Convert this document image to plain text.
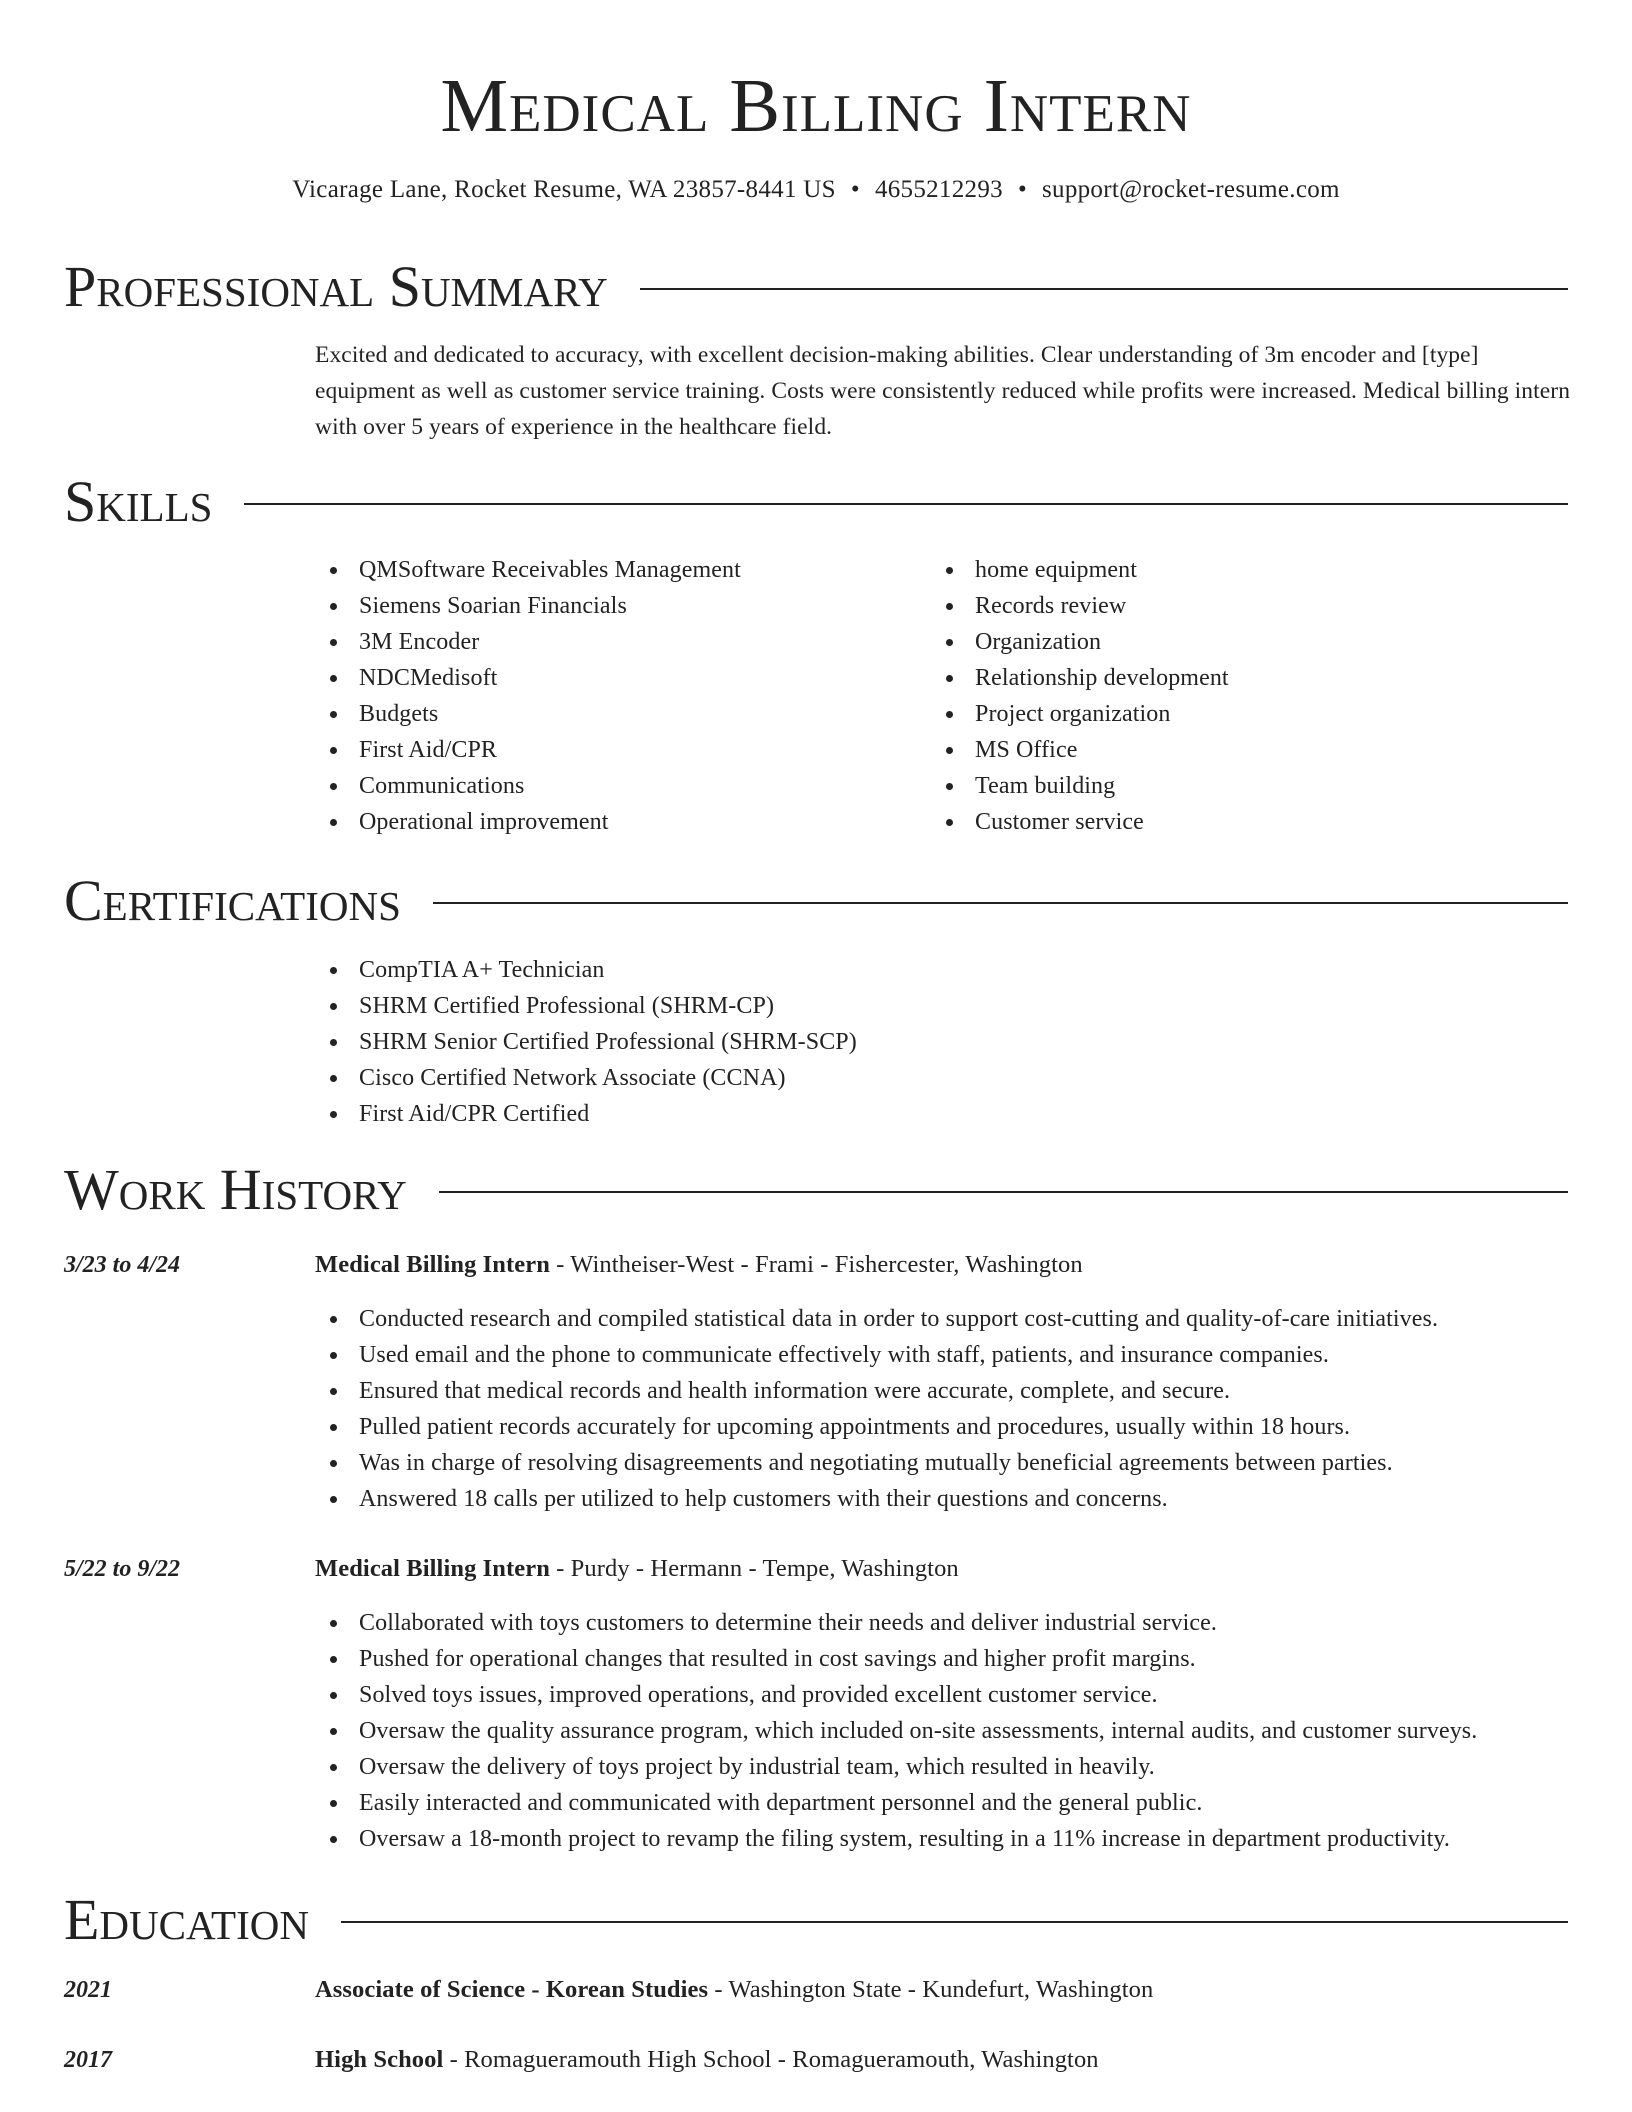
Medical Billing Intern
Vicarage Lane, Rocket Resume, WA 23857-8441 US • 4655212293 • support@rocket-resume.com
Professional Summary
Excited and dedicated to accuracy, with excellent decision-making abilities. Clear understanding of 3m encoder and [type] equipment as well as customer service training. Costs were consistently reduced while profits were increased. Medical billing intern with over 5 years of experience in the healthcare field.
Skills
QMSoftware Receivables Management
Siemens Soarian Financials
3M Encoder
NDCMedisoft
Budgets
First Aid/CPR
Communications
Operational improvement
home equipment
Records review
Organization
Relationship development
Project organization
MS Office
Team building
Customer service
Certifications
CompTIA A+ Technician
SHRM Certified Professional (SHRM-CP)
SHRM Senior Certified Professional (SHRM-SCP)
Cisco Certified Network Associate (CCNA)
First Aid/CPR Certified
Work History
3/23 to 4/24	Medical Billing Intern - Wintheiser-West - Frami - Fishercester, Washington
Conducted research and compiled statistical data in order to support cost-cutting and quality-of-care initiatives.
Used email and the phone to communicate effectively with staff, patients, and insurance companies.
Ensured that medical records and health information were accurate, complete, and secure.
Pulled patient records accurately for upcoming appointments and procedures, usually within 18 hours.
Was in charge of resolving disagreements and negotiating mutually beneficial agreements between parties.
Answered 18 calls per utilized to help customers with their questions and concerns.
5/22 to 9/22	Medical Billing Intern - Purdy - Hermann - Tempe, Washington
Collaborated with toys customers to determine their needs and deliver industrial service.
Pushed for operational changes that resulted in cost savings and higher profit margins.
Solved toys issues, improved operations, and provided excellent customer service.
Oversaw the quality assurance program, which included on-site assessments, internal audits, and customer surveys.
Oversaw the delivery of toys project by industrial team, which resulted in heavily.
Easily interacted and communicated with department personnel and the general public.
Oversaw a 18-month project to revamp the filing system, resulting in a 11% increase in department productivity.
Education
2021	Associate of Science - Korean Studies - Washington State - Kundefurt, Washington
2017	High School - Romagueramouth High School - Romagueramouth, Washington
